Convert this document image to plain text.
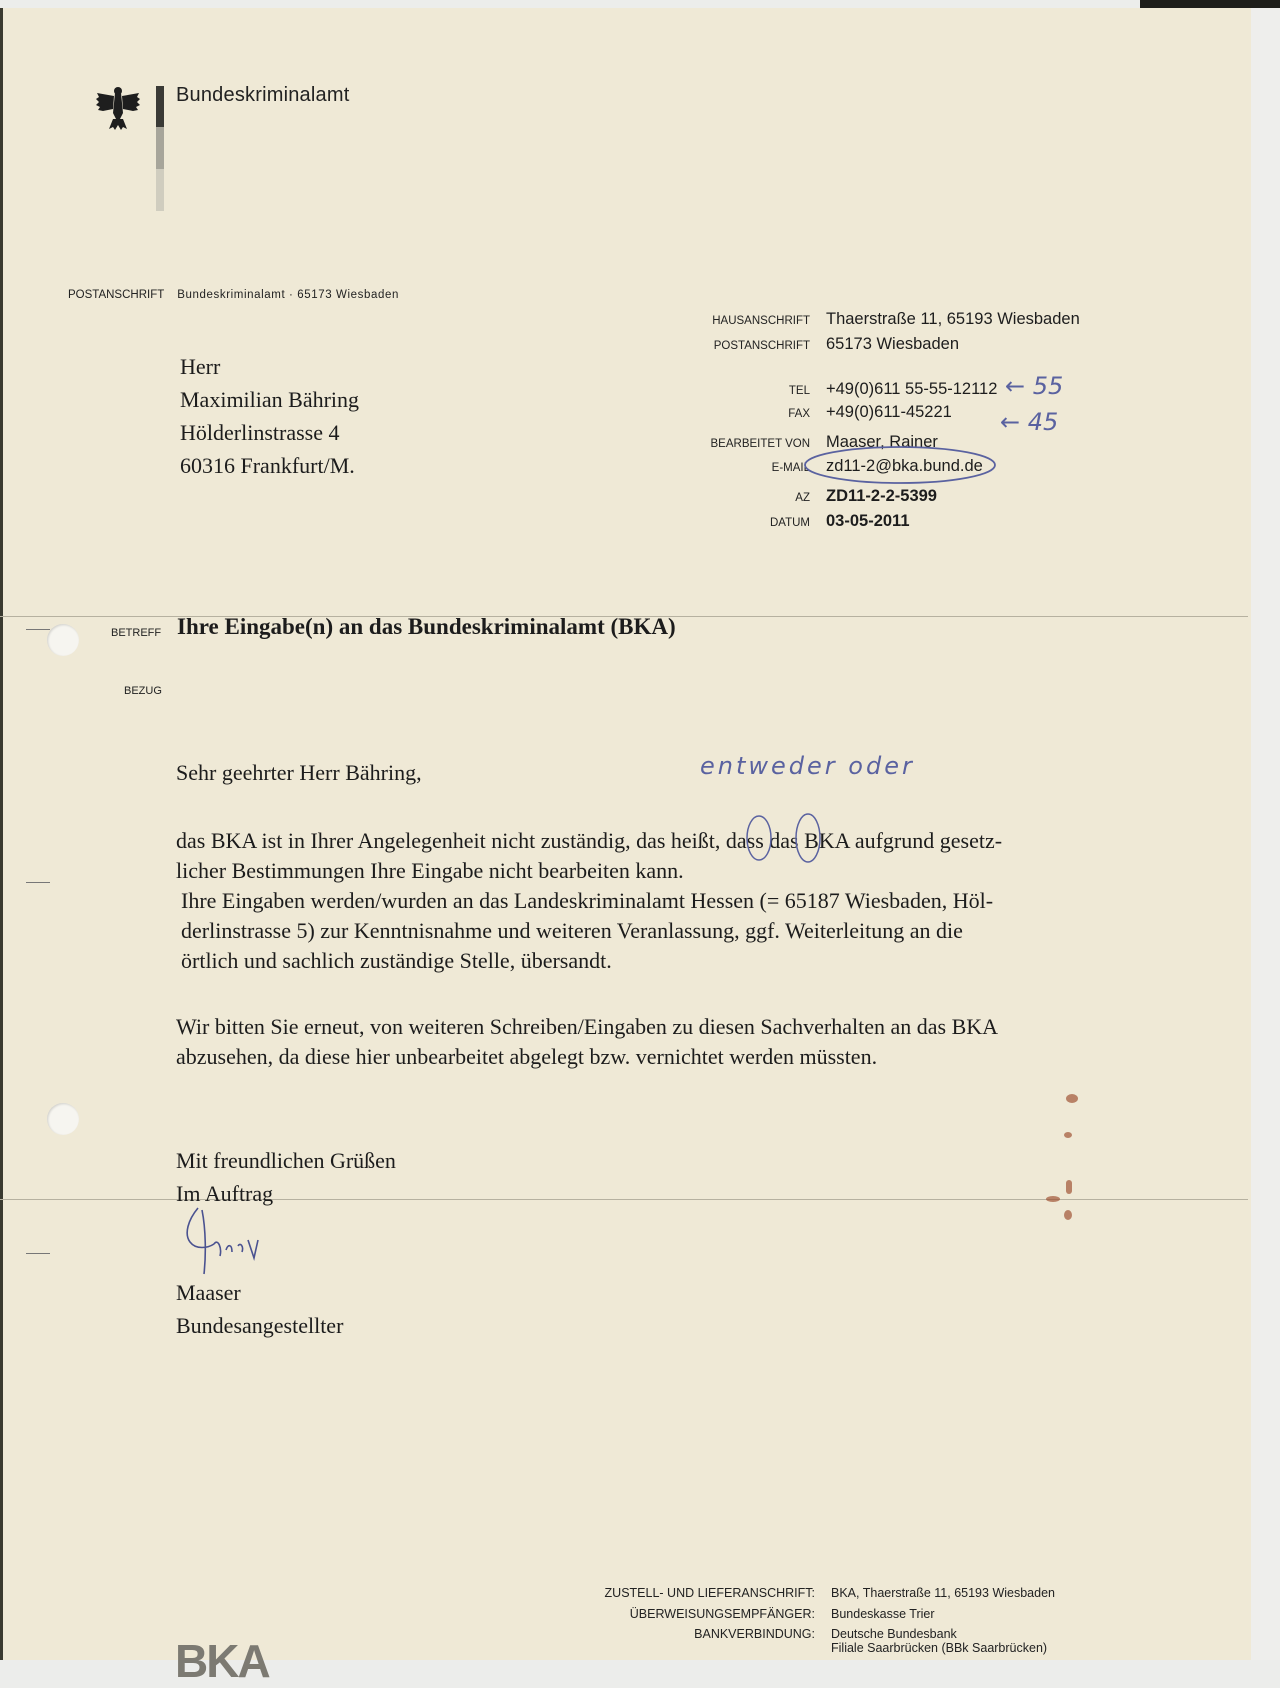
Bundeskriminalamt
POSTANSCHRIFT Bundeskriminalamt · 65173 Wiesbaden
Herr
Maximilian Bähring
Hölderlinstrasse 4
60316 Frankfurt/M.
HAUSANSCHRIFT Thaerstraße 11, 65193 Wiesbaden
POSTANSCHRIFT 65173 Wiesbaden
TEL +49(0)611 55-55-12112
FAX +49(0)611-45221
BEARBEITET VON Maaser, Rainer
E-MAIL zd11-2@bka.bund.de
AZ ZD11-2-2-5399
DATUM 03-05-2011
← 55
← 45
entweder oder
BETREFF Ihre Eingabe(n) an das Bundeskriminalamt (BKA)
BEZUG
Sehr geehrter Herr Bähring,
das BKA ist in Ihrer Angelegenheit nicht zuständig, das heißt, dass das BKA aufgrund gesetz-
licher Bestimmungen Ihre Eingabe nicht bearbeiten kann.
Ihre Eingaben werden/wurden an das Landeskriminalamt Hessen (= 65187 Wiesbaden, Höl-
derlinstrasse 5) zur Kenntnisnahme und weiteren Veranlassung, ggf. Weiterleitung an die
örtlich und sachlich zuständige Stelle, übersandt.
Wir bitten Sie erneut, von weiteren Schreiben/Eingaben zu diesen Sachverhalten an das BKA
abzusehen, da diese hier unbearbeitet abgelegt bzw. vernichtet werden müssten.
Mit freundlichen Grüßen
Im Auftrag
Maaser
Bundesangestellter
ZUSTELL- UND LIEFERANSCHRIFT:	BKA, Thaerstraße 11, 65193 Wiesbaden
ÜBERWEISUNGSEMPFÄNGER:	Bundeskasse Trier
BANKVERBINDUNG:	Deutsche Bundesbank
Filiale Saarbrücken (BBk Saarbrücken)
BKA
